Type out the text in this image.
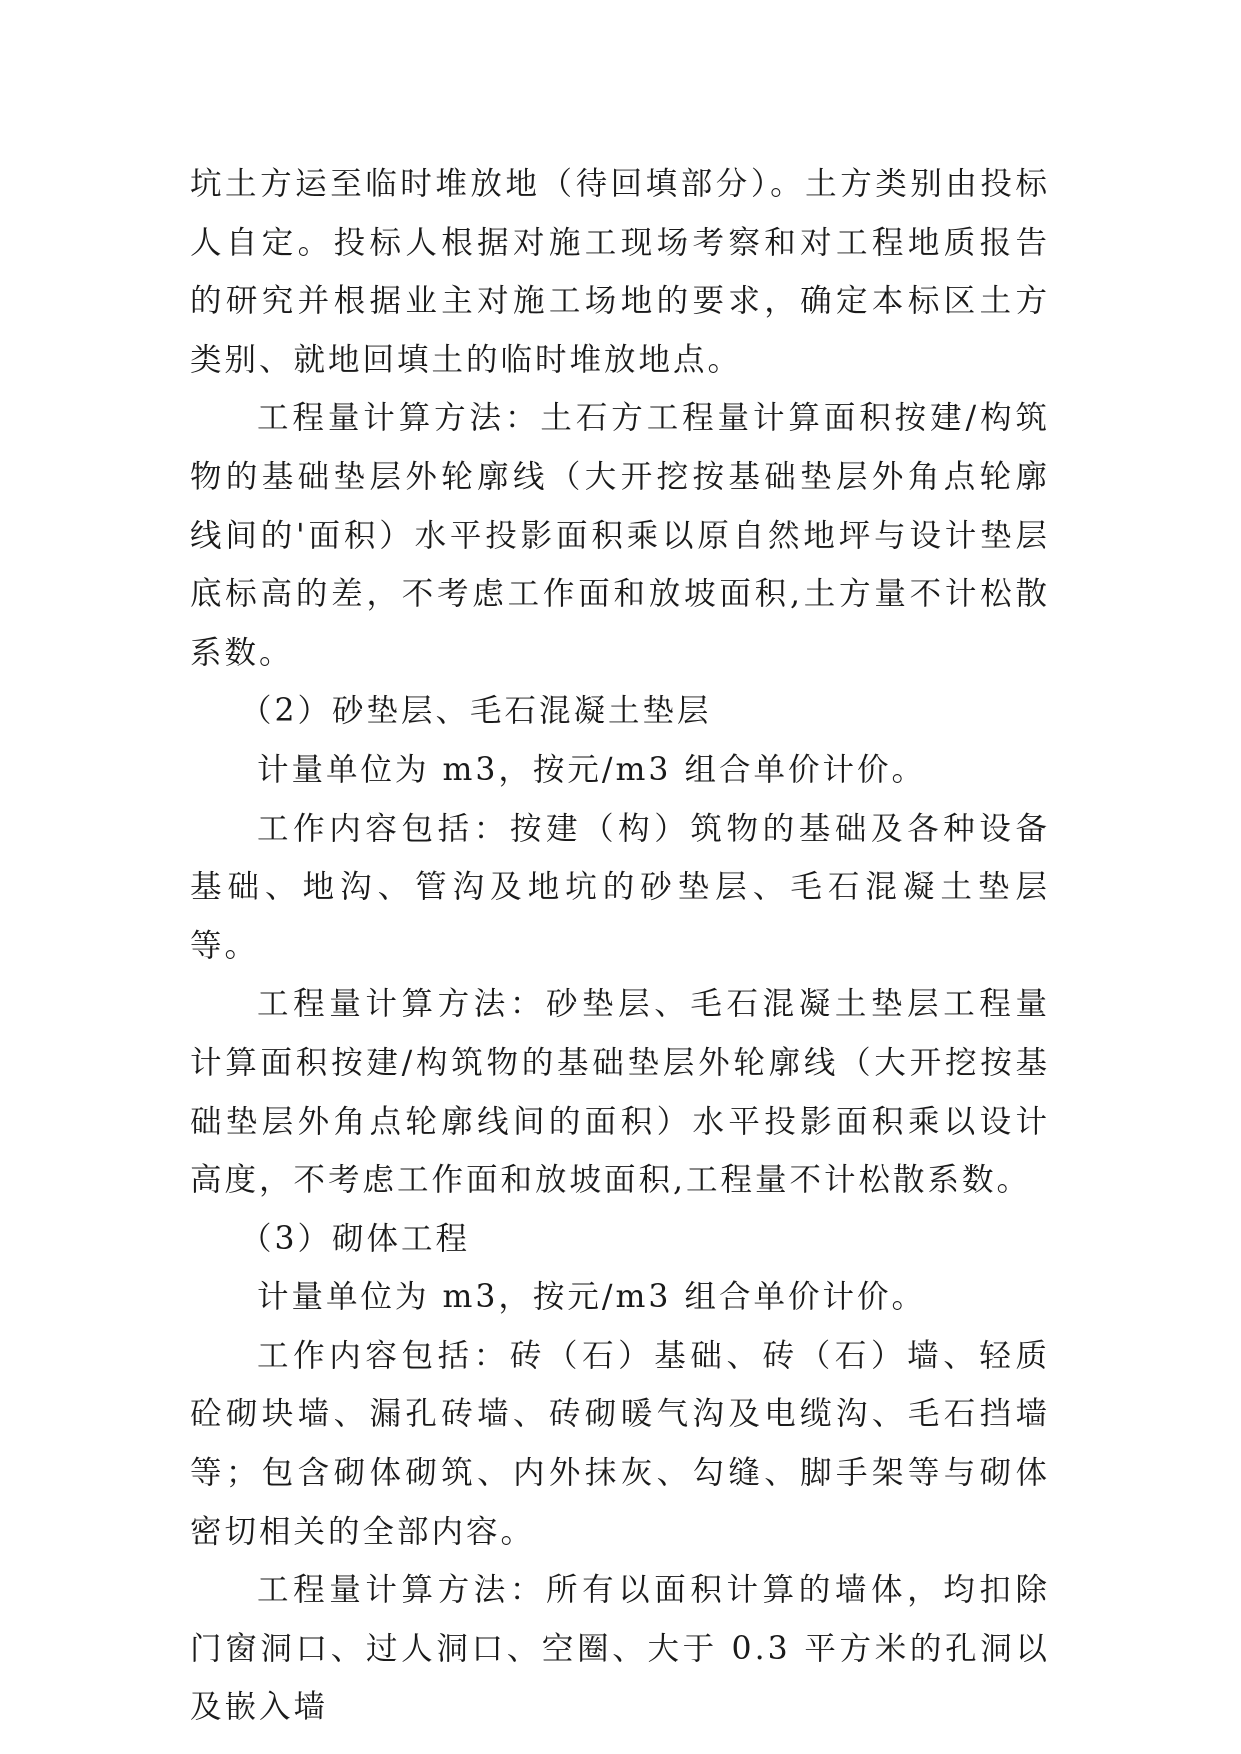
坑土方运至临时堆放地（待回填部分）。土方类别由投标人自定。投标人根据对施工现场考察和对工程地质报告的研究并根据业主对施工场地的要求，确定本标区土方类别、就地回填土的临时堆放地点。

工程量计算方法：土石方工程量计算面积按建/构筑物的基础垫层外轮廓线（大开挖按基础垫层外角点轮廓线间的'面积）水平投影面积乘以原自然地坪与设计垫层底标高的差，不考虑工作面和放坡面积,土方量不计松散系数。

（2）砂垫层、毛石混凝土垫层

计量单位为 m3，按元/m3 组合单价计价。

工作内容包括：按建（构）筑物的基础及各种设备基础、地沟、管沟及地坑的砂垫层、毛石混凝土垫层等。

工程量计算方法：砂垫层、毛石混凝土垫层工程量计算面积按建/构筑物的基础垫层外轮廓线（大开挖按基础垫层外角点轮廓线间的面积）水平投影面积乘以设计高度，不考虑工作面和放坡面积,工程量不计松散系数。

（3）砌体工程

计量单位为 m3，按元/m3 组合单价计价。

工作内容包括：砖（石）基础、砖（石）墙、轻质砼砌块墙、漏孔砖墙、砖砌暖气沟及电缆沟、毛石挡墙等；包含砌体砌筑、内外抹灰、勾缝、脚手架等与砌体密切相关的全部内容。

工程量计算方法：所有以面积计算的墙体，均扣除门窗洞口、过人洞口、空圈、大于 0.3 平方米的孔洞以及嵌入墙
